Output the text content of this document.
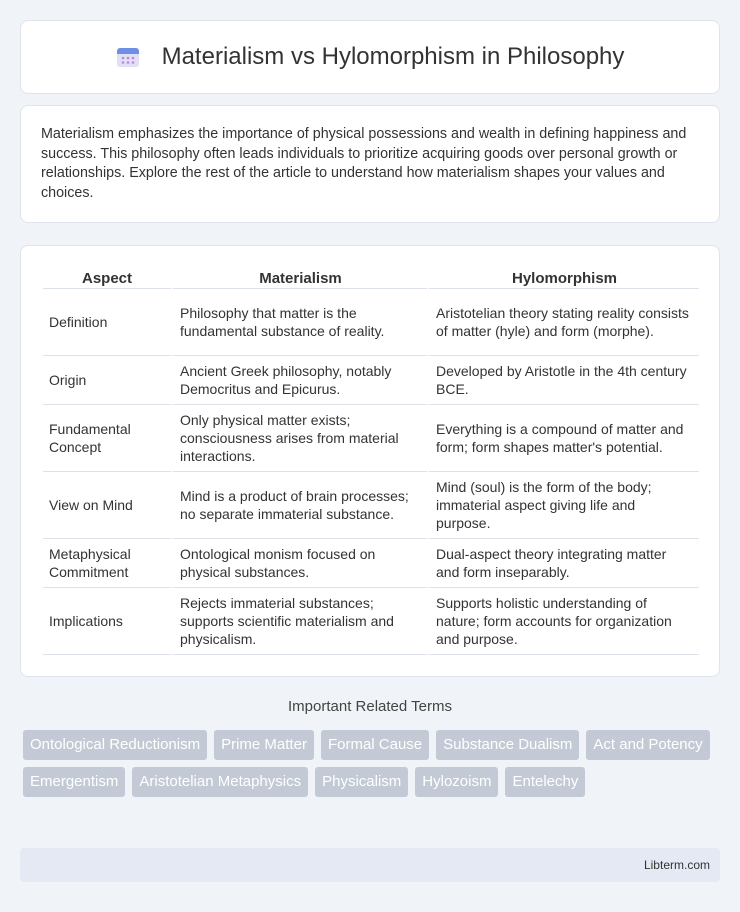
Materialism vs Hylomorphism in Philosophy

Materialism emphasizes the importance of physical possessions and wealth in defining happiness and success. This philosophy often leads individuals to prioritize acquiring goods over personal growth or relationships. Explore the rest of the article to understand how materialism shapes your values and choices.

Aspect	Materialism	Hylomorphism
Definition	Philosophy that matter is the fundamental substance of reality.	Aristotelian theory stating reality consists of matter (hyle) and form (morphe).
Origin	Ancient Greek philosophy, notably Democritus and Epicurus.	Developed by Aristotle in the 4th century BCE.
Fundamental Concept	Only physical matter exists; consciousness arises from material interactions.	Everything is a compound of matter and form; form shapes matter's potential.
View on Mind	Mind is a product of brain processes; no separate immaterial substance.	Mind (soul) is the form of the body; immaterial aspect giving life and purpose.
Metaphysical Commitment	Ontological monism focused on physical substances.	Dual-aspect theory integrating matter and form inseparably.
Implications	Rejects immaterial substances; supports scientific materialism and physicalism.	Supports holistic understanding of nature; form accounts for organization and purpose.
Important Related Terms
Ontological Reductionism	Prime Matter	Formal Cause	Substance Dualism	Act and Potency
Emergentism	Aristotelian Metaphysics	Physicalism	Hylozoism	Entelechy
Libterm.com
